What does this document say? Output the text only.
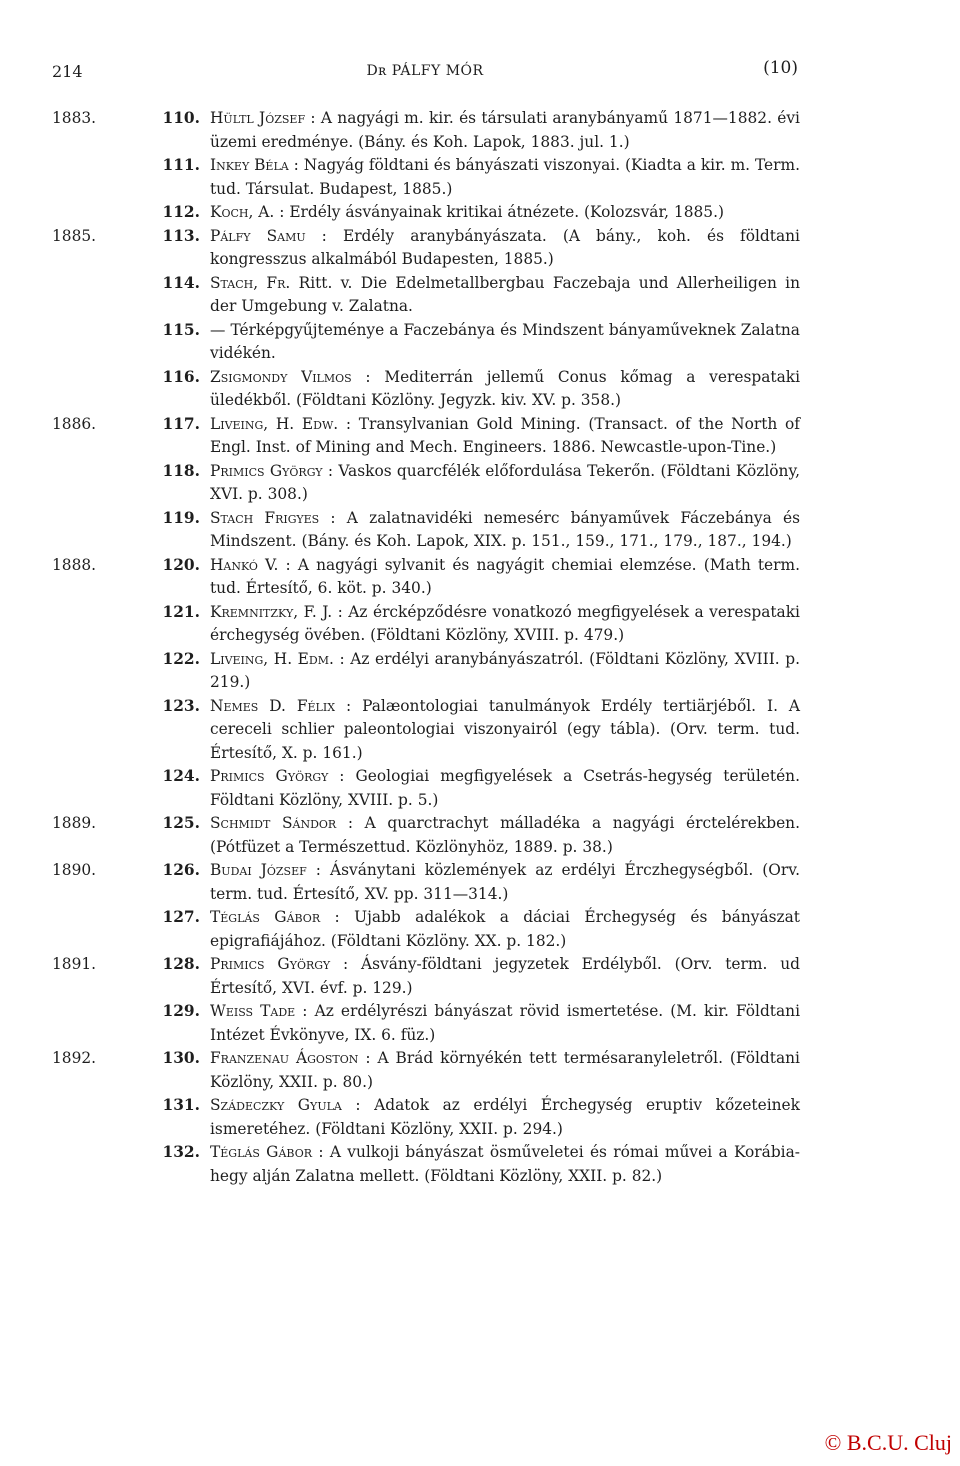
214	Dʀ PÁLFY MÓR	(10)
1883.	110. Hültl József : A nagyági m. kir. és társulati aranybányamű 1871—1882. évi üzemi eredménye. (Bány. és Koh. Lapok, 1883. jul. 1.)
111. Inkey Béla : Nagyág földtani és bányászati viszonyai. (Kiadta a kir. m. Term. tud. Társulat. Budapest, 1885.)
112. Koch, A. : Erdély ásványainak kritikai átnézete. (Kolozsvár, 1885.)
1885.	113. Pálfy Samu : Erdély aranybányászata. (A bány., koh. és földtani kongresszus alkalmából Budapesten, 1885.)
114. Stach, Fr. Ritt. v. Die Edelmetallbergbau Faczebaja und Allerheiligen in der Umgebung v. Zalatna.
115. — Térképgyűjteménye a Faczebánya és Mindszent bányaműveknek Zalatna vidékén.
116. Zsigmondy Vilmos : Mediterrán jellemű Conus kőmag a verespataki üledékből. (Földtani Közlöny. Jegyzk. kiv. XV. p. 358.)
1886.	117. Liveing, H. Edw. : Transylvanian Gold Mining. (Transact. of the North of Engl. Inst. of Mining and Mech. Engineers. 1886. Newcastle-upon-Tine.)
118. Primics György : Vaskos quarcfélék előfordulása Tekerőn. (Földtani Közlöny, XVI. p. 308.)
119. Stach Frigyes : A zalatnavidéki nemesérc bányaművek Fáczebánya és Mindszent. (Bány. és Koh. Lapok, XIX. p. 151., 159., 171., 179., 187., 194.)
1888.	120. Hankó V. : A nagyági sylvanit és nagyágit chemiai elemzése. (Math term. tud. Értesítő, 6. köt. p. 340.)
121. Kremnitzky, F. J. : Az ércképződésre vonatkozó megfigyelések a verespataki érchegység övében. (Földtani Közlöny, XVIII. p. 479.)
122. Liveing, H. Edm. : Az erdélyi aranybányászatról. (Földtani Közlöny, XVIII. p. 219.)
123. Nemes D. Félix : Palæontologiai tanulmányok Erdély tertiärjéből. I. A cereceli schlier paleontologiai viszonyairól (egy tábla). (Orv. term. tud. Értesítő, X. p. 161.)
124. Primics György : Geologiai megfigyelések a Csetrás-hegység területén. Földtani Közlöny, XVIII. p. 5.)
1889.	125. Schmidt Sándor : A quarctrachyt málladéka a nagyági érctelérekben. (Pótfüzet a Természettud. Közlönyhöz, 1889. p. 38.)
1890.	126. Budai József : Ásványtani közlemények az erdélyi Érczhegységből. (Orv. term. tud. Értesítő, XV. pp. 311—314.)
127. Téglás Gábor : Ujabb adalékok a dáciai Érchegység és bányászat epigrafiájához. (Földtani Közlöny. XX. p. 182.)
1891.	128. Primics György : Ásvány-földtani jegyzetek Erdélyből. (Orv. term. ud Értesítő, XVI. évf. p. 129.)
129. Weiss Tade : Az erdélyrészi bányászat rövid ismertetése. (M. kir. Földtani Intézet Évkönyve, IX. 6. füz.)
1892.	130. Franzenau Ágoston : A Brád környékén tett termésaranyleletről. (Földtani Közlöny, XXII. p. 80.)
131. Szádeczky Gyula : Adatok az erdélyi Érchegység eruptiv kőzeteinek ismeretéhez. (Földtani Közlöny, XXII. p. 294.)
132. Téglás Gábor : A vulkoji bányászat ösműveletei és római művei a Korábia-hegy alján Zalatna mellett. (Földtani Közlöny, XXII. p. 82.)
© B.C.U. Cluj
